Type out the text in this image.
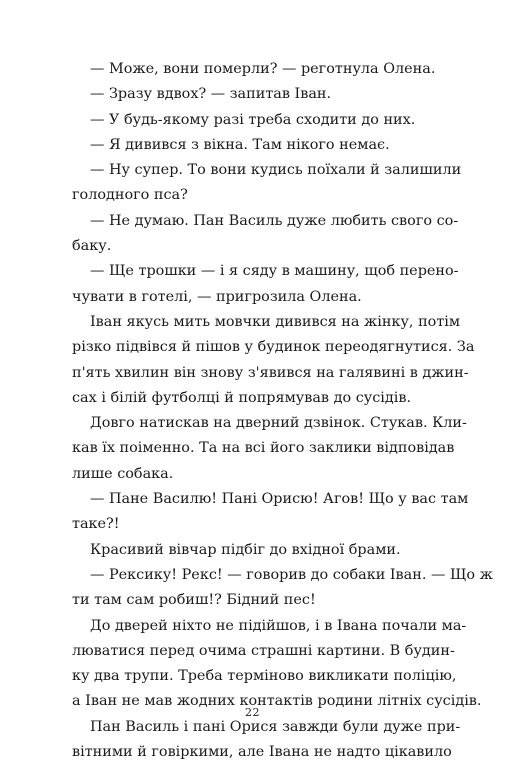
— Може, вони померли? — реготнула Олена.
— Зразу вдвох? — запитав Іван.
— У будь-якому разі треба сходити до них.
— Я дивився з вікна. Там нікого немає.
— Ну супер. То вони кудись поїхали й залишили
голодного пса?
— Не думаю. Пан Василь дуже любить свого со-
баку.
— Ще трошки — і я сяду в машину, щоб перено-
чувати в готелі, — пригрозила Олена.
Іван якусь мить мовчки дивився на жінку, потім
різко підвівся й пішов у будинок переодягнутися. За
п'ять хвилин він знову з'явився на галявині в джин-
сах і білій футболці й попрямував до сусідів.
Довго натискав на дверний дзвінок. Стукав. Кли-
кав їх поіменно. Та на всі його заклики відповідав
лише собака.
— Пане Василю! Пані Орисю! Агов! Що у вас там
таке?!
Красивий вівчар підбіг до вхідної брами.
— Рексику! Рекс! — говорив до собаки Іван. — Що ж
ти там сам робиш!? Бідний пес!
До дверей ніхто не підійшов, і в Івана почали ма-
люватися перед очима страшні картини. В будин-
ку два трупи. Треба терміново викликати поліцію,
а Іван не мав жодних контактів родини літніх сусідів.
Пан Василь і пані Орися завжди були дуже при-
вітними й говіркими, але Івана не надто цікавило
22
